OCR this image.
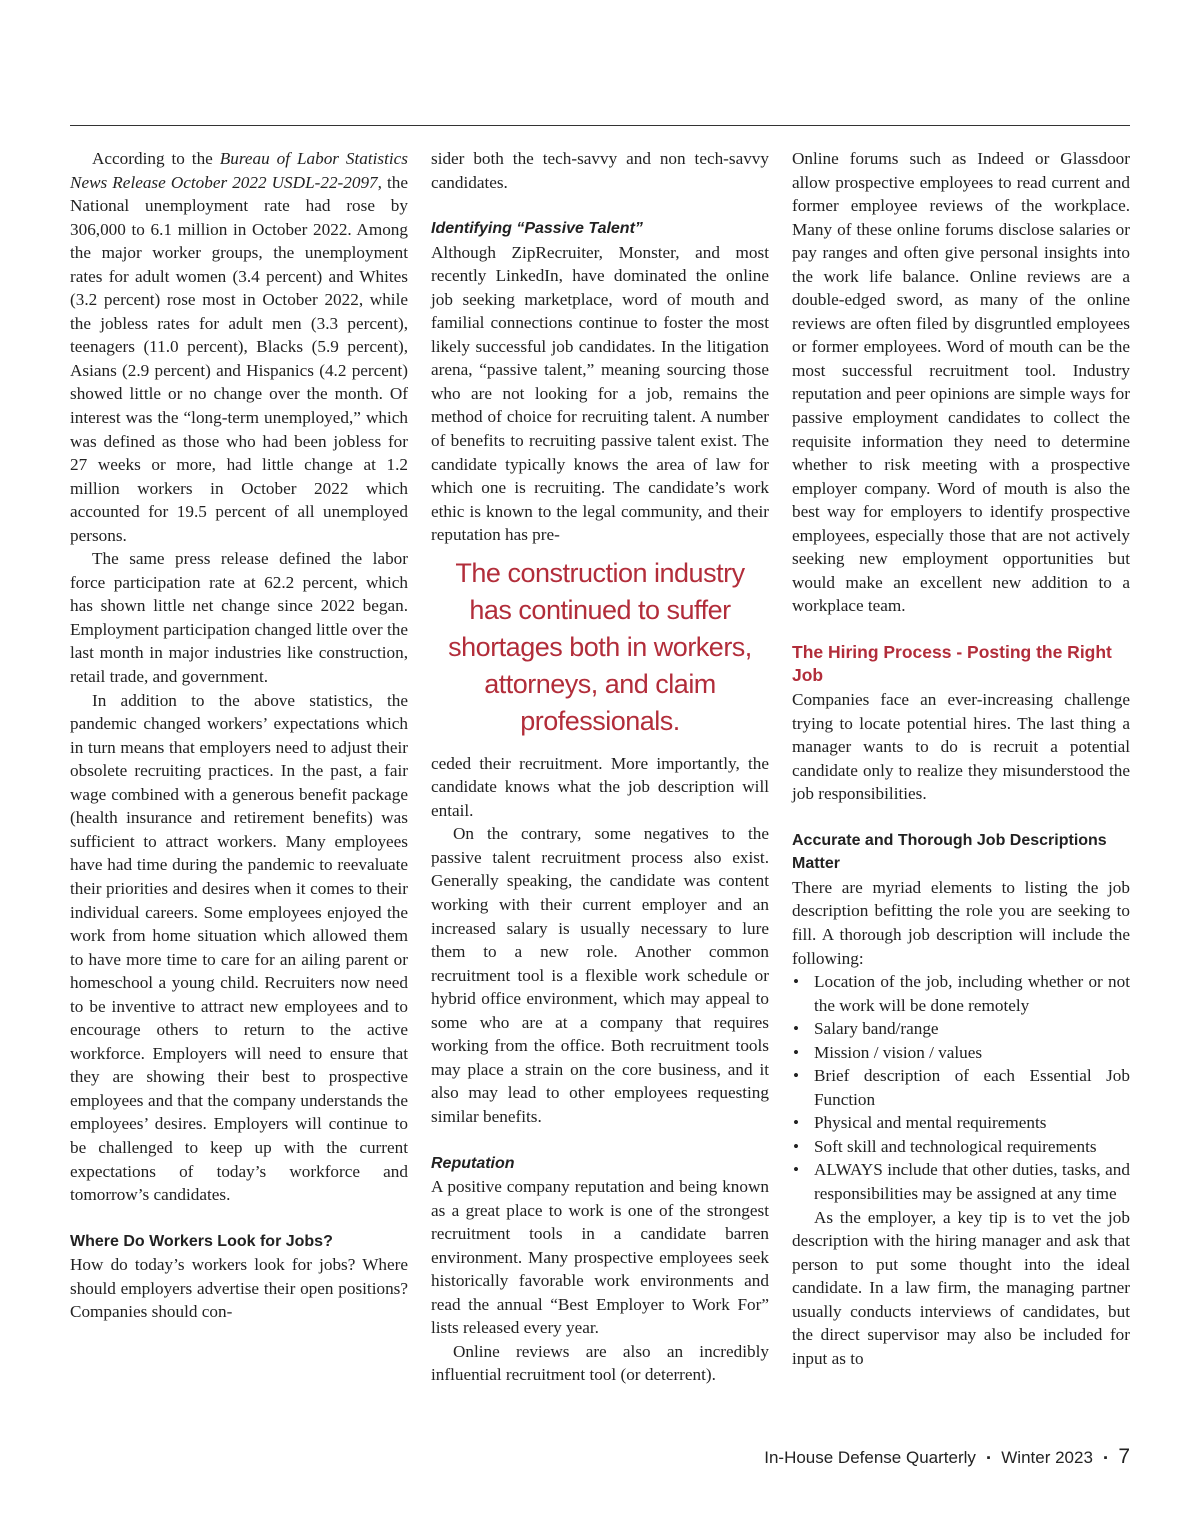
According to the Bureau of Labor Statistics News Release October 2022 USDL-22-2097, the National unemployment rate had rose by 306,000 to 6.1 million in October 2022. Among the major worker groups, the unemployment rates for adult women (3.4 percent) and Whites (3.2 percent) rose most in October 2022, while the jobless rates for adult men (3.3 percent), teenagers (11.0 percent), Blacks (5.9 percent), Asians (2.9 percent) and Hispanics (4.2 percent) showed little or no change over the month. Of interest was the “long-term unemployed,” which was defined as those who had been jobless for 27 weeks or more, had little change at 1.2 million workers in October 2022 which accounted for 19.5 percent of all unemployed persons.

The same press release defined the labor force participation rate at 62.2 percent, which has shown little net change since 2022 began. Employment participation changed little over the last month in major industries like construction, retail trade, and government.

In addition to the above statistics, the pandemic changed workers’ expectations which in turn means that employers need to adjust their obsolete recruiting practices. In the past, a fair wage combined with a generous benefit package (health insurance and retirement benefits) was sufficient to attract workers. Many employees have had time during the pandemic to reevaluate their priorities and desires when it comes to their individual careers. Some employees enjoyed the work from home situation which allowed them to have more time to care for an ailing parent or homeschool a young child. Recruiters now need to be inventive to attract new employees and to encourage others to return to the active workforce. Employers will need to ensure that they are showing their best to prospective employees and that the company understands the employees’ desires. Employers will continue to be challenged to keep up with the current expectations of today’s workforce and tomorrow’s candidates.

Where Do Workers Look for Jobs?

How do today’s workers look for jobs? Where should employers advertise their open positions? Companies should con-

sider both the tech-savvy and non tech-savvy candidates.

Identifying “Passive Talent”

Although ZipRecruiter, Monster, and most recently LinkedIn, have dominated the online job seeking marketplace, word of mouth and familial connections continue to foster the most likely successful job candidates. In the litigation arena, “passive talent,” meaning sourcing those who are not looking for a job, remains the method of choice for recruiting talent. A number of benefits to recruiting passive talent exist. The candidate typically knows the area of law for which one is recruiting. The candidate’s work ethic is known to the legal community, and their reputation has pre-

The construction industry has continued to suffer shortages both in workers, attorneys, and claim professionals.

ceded their recruitment. More importantly, the candidate knows what the job description will entail.

On the contrary, some negatives to the passive talent recruitment process also exist. Generally speaking, the candidate was content working with their current employer and an increased salary is usually necessary to lure them to a new role. Another common recruitment tool is a flexible work schedule or hybrid office environment, which may appeal to some who are at a company that requires working from the office. Both recruitment tools may place a strain on the core business, and it also may lead to other employees requesting similar benefits.

Reputation

A positive company reputation and being known as a great place to work is one of the strongest recruitment tools in a candidate barren environment. Many prospective employees seek historically favorable work environments and read the annual “Best Employer to Work For” lists released every year.

Online reviews are also an incredibly influential recruitment tool (or deterrent).

Online forums such as Indeed or Glassdoor allow prospective employees to read current and former employee reviews of the workplace. Many of these online forums disclose salaries or pay ranges and often give personal insights into the work life balance. Online reviews are a double-edged sword, as many of the online reviews are often filed by disgruntled employees or former employees. Word of mouth can be the most successful recruitment tool. Industry reputation and peer opinions are simple ways for passive employment candidates to collect the requisite information they need to determine whether to risk meeting with a prospective employer company. Word of mouth is also the best way for employers to identify prospective employees, especially those that are not actively seeking new employment opportunities but would make an excellent new addition to a workplace team.

The Hiring Process - Posting the Right Job

Companies face an ever-increasing challenge trying to locate potential hires. The last thing a manager wants to do is recruit a potential candidate only to realize they misunderstood the job responsibilities.

Accurate and Thorough Job Descriptions Matter

There are myriad elements to listing the job description befitting the role you are seeking to fill. A thorough job description will include the following:

• Location of the job, including whether or not the work will be done remotely
• Salary band/range
• Mission / vision / values
• Brief description of each Essential Job Function
• Physical and mental requirements
• Soft skill and technological requirements
• ALWAYS include that other duties, tasks, and responsibilities may be assigned at any time

As the employer, a key tip is to vet the job description with the hiring manager and ask that person to put some thought into the ideal candidate. In a law firm, the managing partner usually conducts interviews of candidates, but the direct supervisor may also be included for input as to

In-House Defense Quarterly ▪ Winter 2023 ▪ 7
